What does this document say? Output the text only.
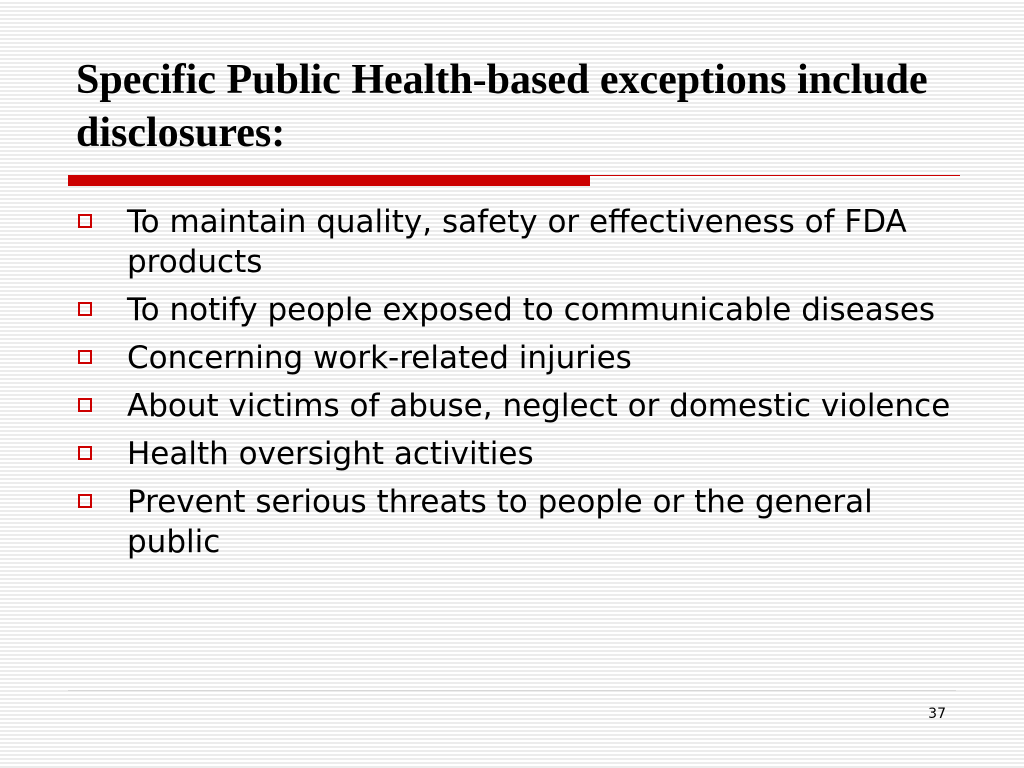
Specific Public Health-based exceptions include disclosures:
To maintain quality, safety or effectiveness of FDA products
To notify people exposed to communicable diseases
Concerning work-related injuries
About victims of abuse, neglect or domestic violence
Health oversight activities
Prevent serious threats to people or the general public
37
